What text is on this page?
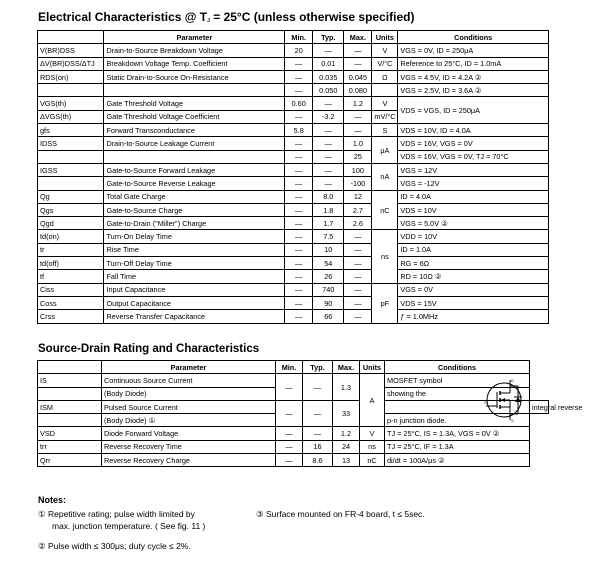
Electrical Characteristics @ $T_J = 25^\circ C$ (unless otherwise specified)
	Parameter	Min.	Typ.	Max.	Units	Conditions
V(BR)DSS	Drain-to-Source Breakdown Voltage	20	—	—	V	VGS = 0V, ID = 250μA
ΔV(BR)DSS/ΔTJ	Breakdown Voltage Temp. Coefficient	—	0.01	—	V/°C	Reference to 25°C, ID = 1.0mA
RDS(on)	Static Drain-to-Source On-Resistance	—	0.035	0.045	Ω	VGS = 4.5V, ID = 4.2A ②
		—	0.050	0.080		VGS = 2.5V, ID = 3.6A ②
VGS(th)	Gate Threshold Voltage	0.60	—	1.2	V	VDS = VGS, ID = 250μA
ΔVGS(th)	Gate Threshold Voltage Coefficient	—	-3.2	—	mV/°C	
gfs	Forward Transconductance	5.8	—	—	S	VDS = 10V, ID = 4.0A
IDSS	Drain-to-Source Leakage Current	—	—	1.0	μA	VDS = 16V, VGS = 0V
		—	—	25		VDS = 16V, VGS = 0V, TJ = 70°C
IGSS	Gate-to-Source Forward Leakage	—	—	100	nA	VGS = 12V
	Gate-to-Source Reverse Leakage	—	—	-100		VGS = -12V
Qg	Total Gate Charge	—	8.0	12	nC	ID = 4.0A
Qgs	Gate-to-Source Charge	—	1.8	2.7		VDS = 10V
Qgd	Gate-to-Drain ("Miller") Charge	—	1.7	2.6		VGS = 5.0V ②
td(on)	Turn-On Delay Time	—	7.5	—	ns	VDD = 10V
tr	Rise Time	—	10	—		ID = 1.0A
td(off)	Turn-Off Delay Time	—	54	—		RG = 6Ω
tf	Fall Time	—	26	—		RD = 10Ω ②
Ciss	Input Capacitance	—	740	—	pF	VGS = 0V
Coss	Output Capacitance	—	90	—		VDS = 15V
Crss	Reverse Transfer Capacitance	—	66	—		ƒ = 1.0MHz
Source-Drain Rating and Characteristics
	Parameter	Min.	Typ.	Max.	Units	Conditions	
IS	Continuous Source Current	—	—	1.3	A	MOSFET symbol	
	(Body Diode)					showing the	
ISM	Pulsed Source Current	—	—	33			integral reverse
	(Body Diode) ①					p-n junction diode.	
VSD	Diode Forward Voltage	—	—	1.2	V	TJ = 25°C, IS = 1.3A, VGS = 0V ②	
trr	Reverse Recovery Time	—	16	24	ns	TJ = 25°C, IF = 1.3A	
Qrr	Reverse Recovery Charge	—	8.6	13	nC	di/dt = 100A/μs ②	
D
G
S
Notes:
① Repetitive rating; pulse width limited by
max. junction temperature. ( See fig. 11 )
② Pulse width ≤ 300μs; duty cycle ≤ 2%.
③ Surface mounted on FR-4 board, t ≤ 5sec.
